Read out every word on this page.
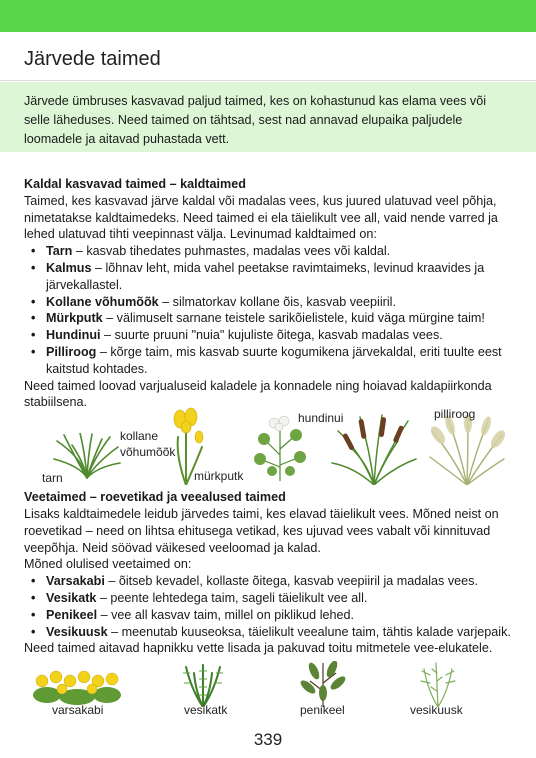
Järvede taimed

Järvede ümbruses kasvavad paljud taimed, kes on kohastunud kas elama vees või selle läheduses. Need taimed on tähtsad, sest nad annavad elupaika paljudele loomadele ja aitavad puhastada vett.

Kaldal kasvavad taimed – kaldtaimed

Taimed, kes kasvavad järve kaldal või madalas vees, kus juured ulatuvad veel põhja, nimetatakse kaldtaimedeks. Need taimed ei ela täielikult vee all, vaid nende varred ja lehed ulatuvad tihti veepinnast välja. Levinumad kaldtaimed on:

• Tarn – kasvab tihedates puhmastes, madalas vees või kaldal.
• Kalmus – lõhnav leht, mida vahel peetakse ravimtaimeks, levinud kraavides ja järvekallastel.
• Kollane võhumõõk – silmatorkav kollane õis, kasvab veepiiril.
• Mürkputk – välimuselt sarnane teistele sarikõielistele, kuid väga mürgine taim!
• Hundinui – suurte pruuni "nuia" kujuliste õitega, kasvab madalas vees.
• Pilliroog – kõrge taim, mis kasvab suurte kogumikena järvekaldal, eriti tuulte eest kaitstud kohtades.

Need taimed loovad varjualuseid kaladele ja konnadele ning hoiavad kaldapiirkonda stabiilsena.

tarn
kollane
võhumõõk
mürkputk
hundinui	pilliroog

Veetaimed – roevetikad ja veealused taimed

Lisaks kaldtaimedele leidub järvedes taimi, kes elavad täielikult vees. Mõned neist on roevetikad – need on lihtsa ehitusega vetikad, kes ujuvad vees vabalt või kinnituvad veepõhja. Neid söövad väikesed veeloomad ja kalad.

Mõned olulised veetaimed on:

• Varsakabi – õitseb kevadel, kollaste õitega, kasvab veepiiril ja madalas vees.
• Vesikatk – peente lehtedega taim, sageli täielikult vee all.
• Penikeel – vee all kasvav taim, millel on piklikud lehed.
• Vesikuusk – meenutab kuuseoksa, täielikult veealune taim, tähtis kalade varjepaik.

Need taimed aitavad hapnikku vette lisada ja pakuvad toitu mitmetele vee-elukatele.

varsakabi	vesikatk	penikeel	vesikuusk
339
